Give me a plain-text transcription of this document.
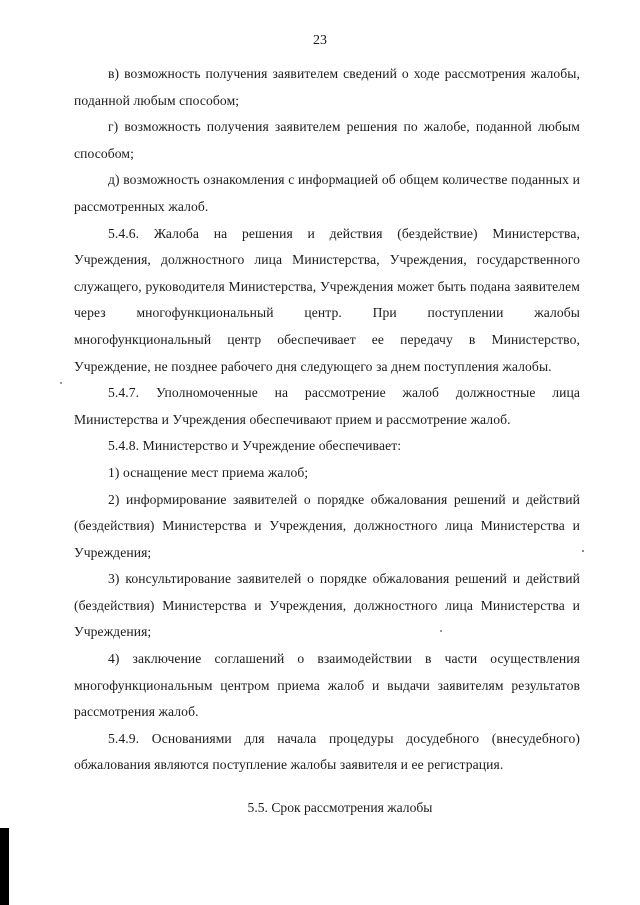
23

в) возможность получения заявителем сведений о ходе рассмотрения жалобы, поданной любым способом;

г) возможность получения заявителем решения по жалобе, поданной любым способом;

д) возможность ознакомления с информацией об общем количестве поданных и рассмотренных жалоб.

5.4.6. Жалоба на решения и действия (бездействие) Министерства, Учреждения, должностного лица Министерства, Учреждения, государственного служащего, руководителя Министерства, Учреждения может быть подана заявителем через многофункциональный центр. При поступлении жалобы многофункциональный центр обеспечивает ее передачу в Министерство, Учреждение, не позднее рабочего дня следующего за днем поступления жалобы.

5.4.7. Уполномоченные на рассмотрение жалоб должностные лица Министерства и Учреждения обеспечивают прием и рассмотрение жалоб.

5.4.8. Министерство и Учреждение обеспечивает:

1) оснащение мест приема жалоб;

2) информирование заявителей о порядке обжалования решений и действий (бездействия) Министерства и Учреждения, должностного лица Министерства и Учреждения;

3) консультирование заявителей о порядке обжалования решений и действий (бездействия) Министерства и Учреждения, должностного лица Министерства и Учреждения;

4) заключение соглашений о взаимодействии в части осуществления многофункциональным центром приема жалоб и выдачи заявителям результатов рассмотрения жалоб.

5.4.9. Основаниями для начала процедуры досудебного (внесудебного) обжалования являются поступление жалобы заявителя и ее регистрация.

5.5. Срок рассмотрения жалобы
